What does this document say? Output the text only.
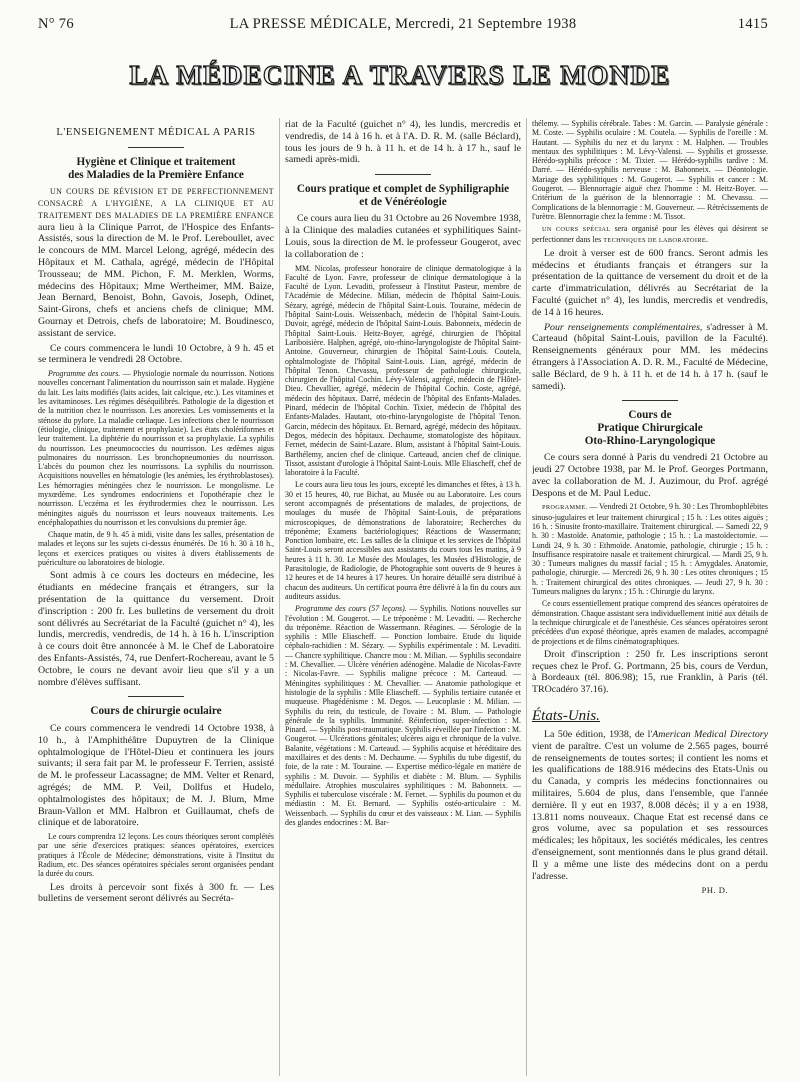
N° 76	LA PRESSE MÉDICALE, Mercredi, 21 Septembre 1938	1415
LA MÉDECINE A TRAVERS LE MONDE
L'ENSEIGNEMENT MÉDICAL A PARIS
Hygiène et Clinique et traitement
des Maladies de la Première Enfance

UN COURS DE RÉVISION ET DE PERFECTIONNEMENT CONSACRÉ A L'HYGIÈNE, A LA CLINIQUE ET AU TRAITEMENT DES MALADIES DE LA PREMIÈRE ENFANCE aura lieu à la Clinique Parrot, de l'Hospice des Enfants-Assistés, sous la direction de M. le Prof. Lereboullet, avec le concours de MM. Marcel Lelong, agrégé, médecin des Hôpitaux et M. Cathala, agrégé, médecin de l'Hôpital Trousseau; de MM. Pichon, F. M. Merklen, Worms, médecins des Hôpitaux; Mme Wertheimer, MM. Baize, Jean Bernard, Benoist, Bohn, Gavois, Joseph, Odinet, Saint-Girons, chefs et anciens chefs de clinique; MM. Gournay et Detrois, chefs de laboratoire; M. Boudinesco, assistant de service.

Ce cours commencera le lundi 10 Octobre, à 9 h. 45 et se terminera le vendredi 28 Octobre.

Programme des cours. — Physiologie normale du nourrisson. Notions nouvelles concernant l'alimentation du nourrisson sain et malade. Hygiène du lait. Les laits modifiés (laits acides, lait calcique, etc.). Les vitamines et les avitaminoses. Les régimes déséquilibrés. Pathologie de la digestion et de la nutrition chez le nourrisson. Les anorexies. Les vomissements et la sténose du pylore. La maladie cœliaque. Les infections chez le nourrisson (étiologie, clinique, traitement et prophylaxie). Les états cholériformes et leur traitement. La diphtérie du nourrisson et sa prophylaxie. La syphilis du nourrisson. Les pneumococcies du nourrisson. Les œdèmes aigus pulmonaires du nourrisson. Les bronchopneumonies du nourrisson. L'abcès du poumon chez les nourrissons. La syphilis du nourrisson. Acquisitions nouvelles en hématologie (les anémies, les érythroblastoses). Les hémorragies méningées chez le nourrisson. Le mongolisme. Le myxœdème. Les syndromes endocriniens et l'opothérapie chez le nourrisson. L'eczéma et les érythrodermies chez le nourrisson. Les méningites aiguës du nourrisson et leurs nouveaux traitements. Les encéphalopathies du nourrisson et les convulsions du premier âge.

Chaque matin, de 9 h. 45 à midi, visite dans les salles, présentation de malades et leçons sur les sujets ci-dessus énumérés. De 16 h. 30 à 18 h., leçons et exercices pratiques ou visites à divers établissements de puériculture ou laboratoires de biologie.

Sont admis à ce cours les docteurs en médecine, les étudiants en médecine français et étrangers, sur la présentation de la quittance du versement. Droit d'inscription : 200 fr. Les bulletins de versement du droit sont délivrés au Secrétariat de la Faculté (guichet n° 4), les lundis, mercredis, vendredis, de 14 h. à 16 h. L'inscription à ce cours doit être annoncée à M. le Chef de Laboratoire des Enfants-Assistés, 74, rue Denfert-Rochereau, avant le 5 Octobre, le cours ne devant avoir lieu que s'il y a un nombre d'élèves suffisant.

Cours de chirurgie oculaire

Ce cours commencera le vendredi 14 Octobre 1938, à 10 h., à l'Amphithéâtre Dupuytren de la Clinique ophtalmologique de l'Hôtel-Dieu et continuera les jours suivants; il sera fait par M. le professeur F. Terrien, assisté de M. le professeur Lacassagne; de MM. Velter et Renard, agrégés; de MM. P. Veil, Dollfus et Hudelo, ophtalmologistes des hôpitaux; de M. J. Blum, Mme Braun-Vallon et MM. Halbron et Guillaumat, chefs de clinique et de laboratoire.

Le cours comprendra 12 leçons. Les cours théoriques seront complétés par une série d'exercices pratiques: séances opératoires, exercices pratiques à l'École de Médecine; démonstrations, visite à l'Institut du Radium, etc. Des séances opératoires spéciales seront organisées pendant la durée du cours.

Les droits à percevoir sont fixés à 300 fr. — Les bulletins de versement seront délivrés au Secréta-

riat de la Faculté (guichet n° 4), les lundis, mercredis et vendredis, de 14 à 16 h. et à l'A. D. R. M. (salle Béclard), tous les jours de 9 h. à 11 h. et de 14 h. à 17 h., sauf le samedi après-midi.

Cours pratique et complet de Syphiligraphie
et de Vénéréologie

Ce cours aura lieu du 31 Octobre au 26 Novembre 1938, à la Clinique des maladies cutanées et syphilitiques Saint-Louis, sous la direction de M. le professeur Gougerot, avec la collaboration de :

MM. Nicolas, professeur honoraire de clinique dermatologique à la Faculté de Lyon. Favre, professeur de clinique dermatologique à la Faculté de Lyon. Levaditi, professeur à l'Institut Pasteur, membre de l'Académie de Médecine. Milian, médecin de l'hôpital Saint-Louis. Sézary, agrégé, médecin de l'hôpital Saint-Louis. Touraine, médecin de l'hôpital Saint-Louis. Weissenbach, médecin de l'hôpital Saint-Louis. Duvoir, agrégé, médecin de l'hôpital Saint-Louis. Babonneix, médecin de l'hôpital Saint-Louis. Heitz-Boyer, agrégé, chirurgien de l'hôpital Lariboisière. Halphen, agrégé, oto-rhino-laryngologiste de l'hôpital Saint-Antoine. Gouverneur, chirurgien de l'hôpital Saint-Louis. Coutela, ophtalmologiste de l'hôpital Saint-Louis. Lian, agrégé, médecin de l'hôpital Tenon. Chevassu, professeur de pathologie chirurgicale, chirurgien de l'hôpital Cochin. Lévy-Valensi, agrégé, médecin de l'Hôtel-Dieu. Chevallier, agrégé, médecin de l'hôpital Cochin. Coste, agrégé, médecin des hôpitaux. Darré, médecin de l'hôpital des Enfants-Malades. Pinard, médecin de l'hôpital Cochin. Tixier, médecin de l'hôpital des Enfants-Malades. Hautant, oto-rhino-laryngologiste de l'hôpital Tenon. Garcin, médecin des hôpitaux. Et. Bernard, agrégé, médecin des hôpitaux. Degos, médecin des hôpitaux. Dechaume, stomatologiste des hôpitaux. Fernet, médecin de Saint-Lazare. Blum, assistant à l'hôpital Saint-Louis. Barthélemy, ancien chef de clinique. Carteaud, ancien chef de clinique. Tissot, assistant d'urologie à l'hôpital Saint-Louis. Mlle Eliascheff, chef de laboratoire à la Faculté.

Le cours aura lieu tous les jours, excepté les dimanches et fêtes, à 13 h. 30 et 15 heures, 40, rue Bichat, au Musée ou au Laboratoire. Les cours seront accompagnés de présentations de malades, de projections, de moulages du musée de l'hôpital Saint-Louis, de préparations microscopiques, de démonstrations de laboratoire; Recherches du tréponème; Examens bactériologiques; Réactions de Wassermann; Ponction lombaire, etc. Les salles de la clinique et les services de l'hôpital Saint-Louis seront accessibles aux assistants du cours tous les matins, à 9 heures à 11 h. 30. Le Musée des Moulages, les Musées d'Histologie, de Parasitologie, de Radiologie, de Photographie sont ouverts de 9 heures à 12 heures et de 14 heures à 17 heures. Un horaire détaillé sera distribué à chacun des auditeurs. Un certificat pourra être délivré à la fin du cours aux auditeurs assidus.

Programme des cours (57 leçons). — Syphilis. Notions nouvelles sur l'évolution : M. Gougerot. — Le tréponème : M. Levaditi. — Recherche du tréponème. Réaction de Wassermann. Réagines. — Sérologie de la syphilis : Mlle Eliascheff. — Ponction lombaire. Etude du liquide céphalo-rachidien : M. Sézary. — Syphilis expérimentale : M. Levaditi. — Chancre syphilitique. Chancre mou : M. Milian. — Syphilis secondaire : M. Chevallier. — Ulcère vénérien adénogène. Maladie de Nicolas-Favre : Nicolas-Favre. — Syphilis maligne précoce : M. Carteaud. — Méningites syphilitiques : M. Chevallier. — Anatomie pathologique et histologie de la syphilis : Mlle Eliascheff. — Syphilis tertiaire cutanée et muqueuse. Phagédénisme : M. Degos. — Leucoplasie : M. Milian. — Syphilis du rein, du testicule, de l'ovaire : M. Blum. — Pathologie générale de la syphilis. Immunité. Réinfection, super-infection : M. Pinard. — Syphilis post-traumatique. Syphilis réveillée par l'infection : M. Gougerot. — Ulcérations génitales; ulcères aigu et chronique de la vulve. Balanite, végétations : M. Carteaud. — Syphilis acquise et héréditaire des maxillaires et des dents : M. Dechaume. — Syphilis du tube digestif, du foie, de la rate : M. Touraine. — Expertise médico-légale en matière de syphilis : M. Duvoir. — Syphilis et diabète : M. Blum. — Syphilis médullaire. Atrophies musculaires syphilitiques : M. Babonneix. — Syphilis et tuberculose viscérale : M. Fernet. — Syphilis du poumon et du médiastin : M. Et. Bernard. — Syphilis ostéo-articulaire : M. Weissenbach. — Syphilis du cœur et des vaisseaux : M. Lian. — Syphilis des glandes endocrines : M. Bar-

thélemy. — Syphilis cérébrale. Tabes : M. Garcin. — Paralysie générale : M. Coste. — Syphilis oculaire : M. Coutela. — Syphilis de l'oreille : M. Hautant. — Syphilis du nez et du larynx : M. Halphen. — Troubles mentaux des syphilitiques : M. Lévy-Valensi. — Syphilis et grossesse. Hérédo-syphilis précoce : M. Tixier. — Hérédo-syphilis tardive : M. Darré. — Hérédo-syphilis nerveuse : M. Babonneix. — Déontologie. Mariage des syphilitiques : M. Gougerot. — Syphilis et cancer : M. Gougerot. — Blennorragie aiguë chez l'homme : M. Heitz-Boyer. — Critérium de la guérison de la blennorragie : M. Chevassu. — Complications de la blennorragie : M. Gouverneur. — Rétrécissements de l'urètre. Blennorragie chez la femme : M. Tissot.

UN COURS SPÉCIAL sera organisé pour les élèves qui désirent se perfectionner dans les TECHNIQUES DE LABORATOIRE.

Le droit à verser est de 600 francs. Seront admis les médecins et étudiants français et étrangers sur la présentation de la quittance de versement du droit et de la carte d'immatriculation, délivrés au Secrétariat de la Faculté (guichet n° 4), les lundis, mercredis et vendredis, de 14 à 16 heures.

Pour renseignements complémentaires, s'adresser à M. Carteaud (hôpital Saint-Louis, pavillon de la Faculté). Renseignements généraux pour MM. les médecins étrangers à l'Association A. D. R. M., Faculté de Médecine, salle Béclard, de 9 h. à 11 h. et de 14 h. à 17 h. (sauf le samedi).

Cours de
Pratique Chirurgicale
Oto-Rhino-Laryngologique

Ce cours sera donné à Paris du vendredi 21 Octobre au jeudi 27 Octobre 1938, par M. le Prof. Georges Portmann, avec la collaboration de M. J. Auzimour, du Prof. agrégé Despons et de M. Paul Leduc.

PROGRAMME. — Vendredi 21 Octobre, 9 h. 30 : Les Thrombophlébites sinuso-jugulaires et leur traitement chirurgical ; 15 h. : Les otites aiguës ; 16 h. : Sinusite fronto-maxillaire. Traitement chirurgical. — Samedi 22, 9 h. 30 : Mastoïde. Anatomie, pathologie ; 15 h. : La mastoïdectomie. — Lundi 24, 9 h. 30 : Ethmoïde. Anatomie, pathologie, chirurgie ; 15 h. : Insuffisance respiratoire nasale et traitement chirurgical. — Mardi 25, 9 h. 30 : Tumeurs malignes du massif facial ; 15 h. : Amygdales. Anatomie, pathologie, chirurgie. — Mercredi 26, 9 h. 30 : Les otites chroniques ; 15 h. : Traitement chirurgical des otites chroniques. — Jeudi 27, 9 h. 30 : Tumeurs malignes du larynx ; 15 h. : Chirurgie du larynx.

Ce cours essentiellement pratique comprend des séances opératoires de démonstration. Chaque assistant sera individuellement initié aux détails de la technique chirurgicale et de l'anesthésie. Ces séances opératoires seront précédées d'un exposé théorique, après examen de malades, accompagné de projections et de films cinématographiques.

Droit d'inscription : 250 fr. Les inscriptions seront reçues chez le Prof. G. Portmann, 25 bis, cours de Verdun, à Bordeaux (tél. 806.98); 15, rue Franklin, à Paris (tél. TROcadéro 37.16).

États-Unis.

La 50e édition, 1938, de l'American Medical Directory vient de paraître. C'est un volume de 2.565 pages, bourré de renseignements de toutes sortes; il contient les noms et les qualifications de 188.916 médecins des Etats-Unis ou du Canada, y compris les médecins fonctionnaires ou militaires, 5.604 de plus, dans l'ensemble, que l'année dernière. Il y eut en 1937, 8.008 décès; il y a en 1938, 13.811 noms nouveaux. Chaque Etat est recensé dans ce gros volume, avec sa population et ses ressources médicales; les hôpitaux, les sociétés médicales, les centres d'enseignement, sont mentionnés dans le plus grand détail. Il y a même une liste des médecins dont on a perdu l'adresse.

PH. D.
